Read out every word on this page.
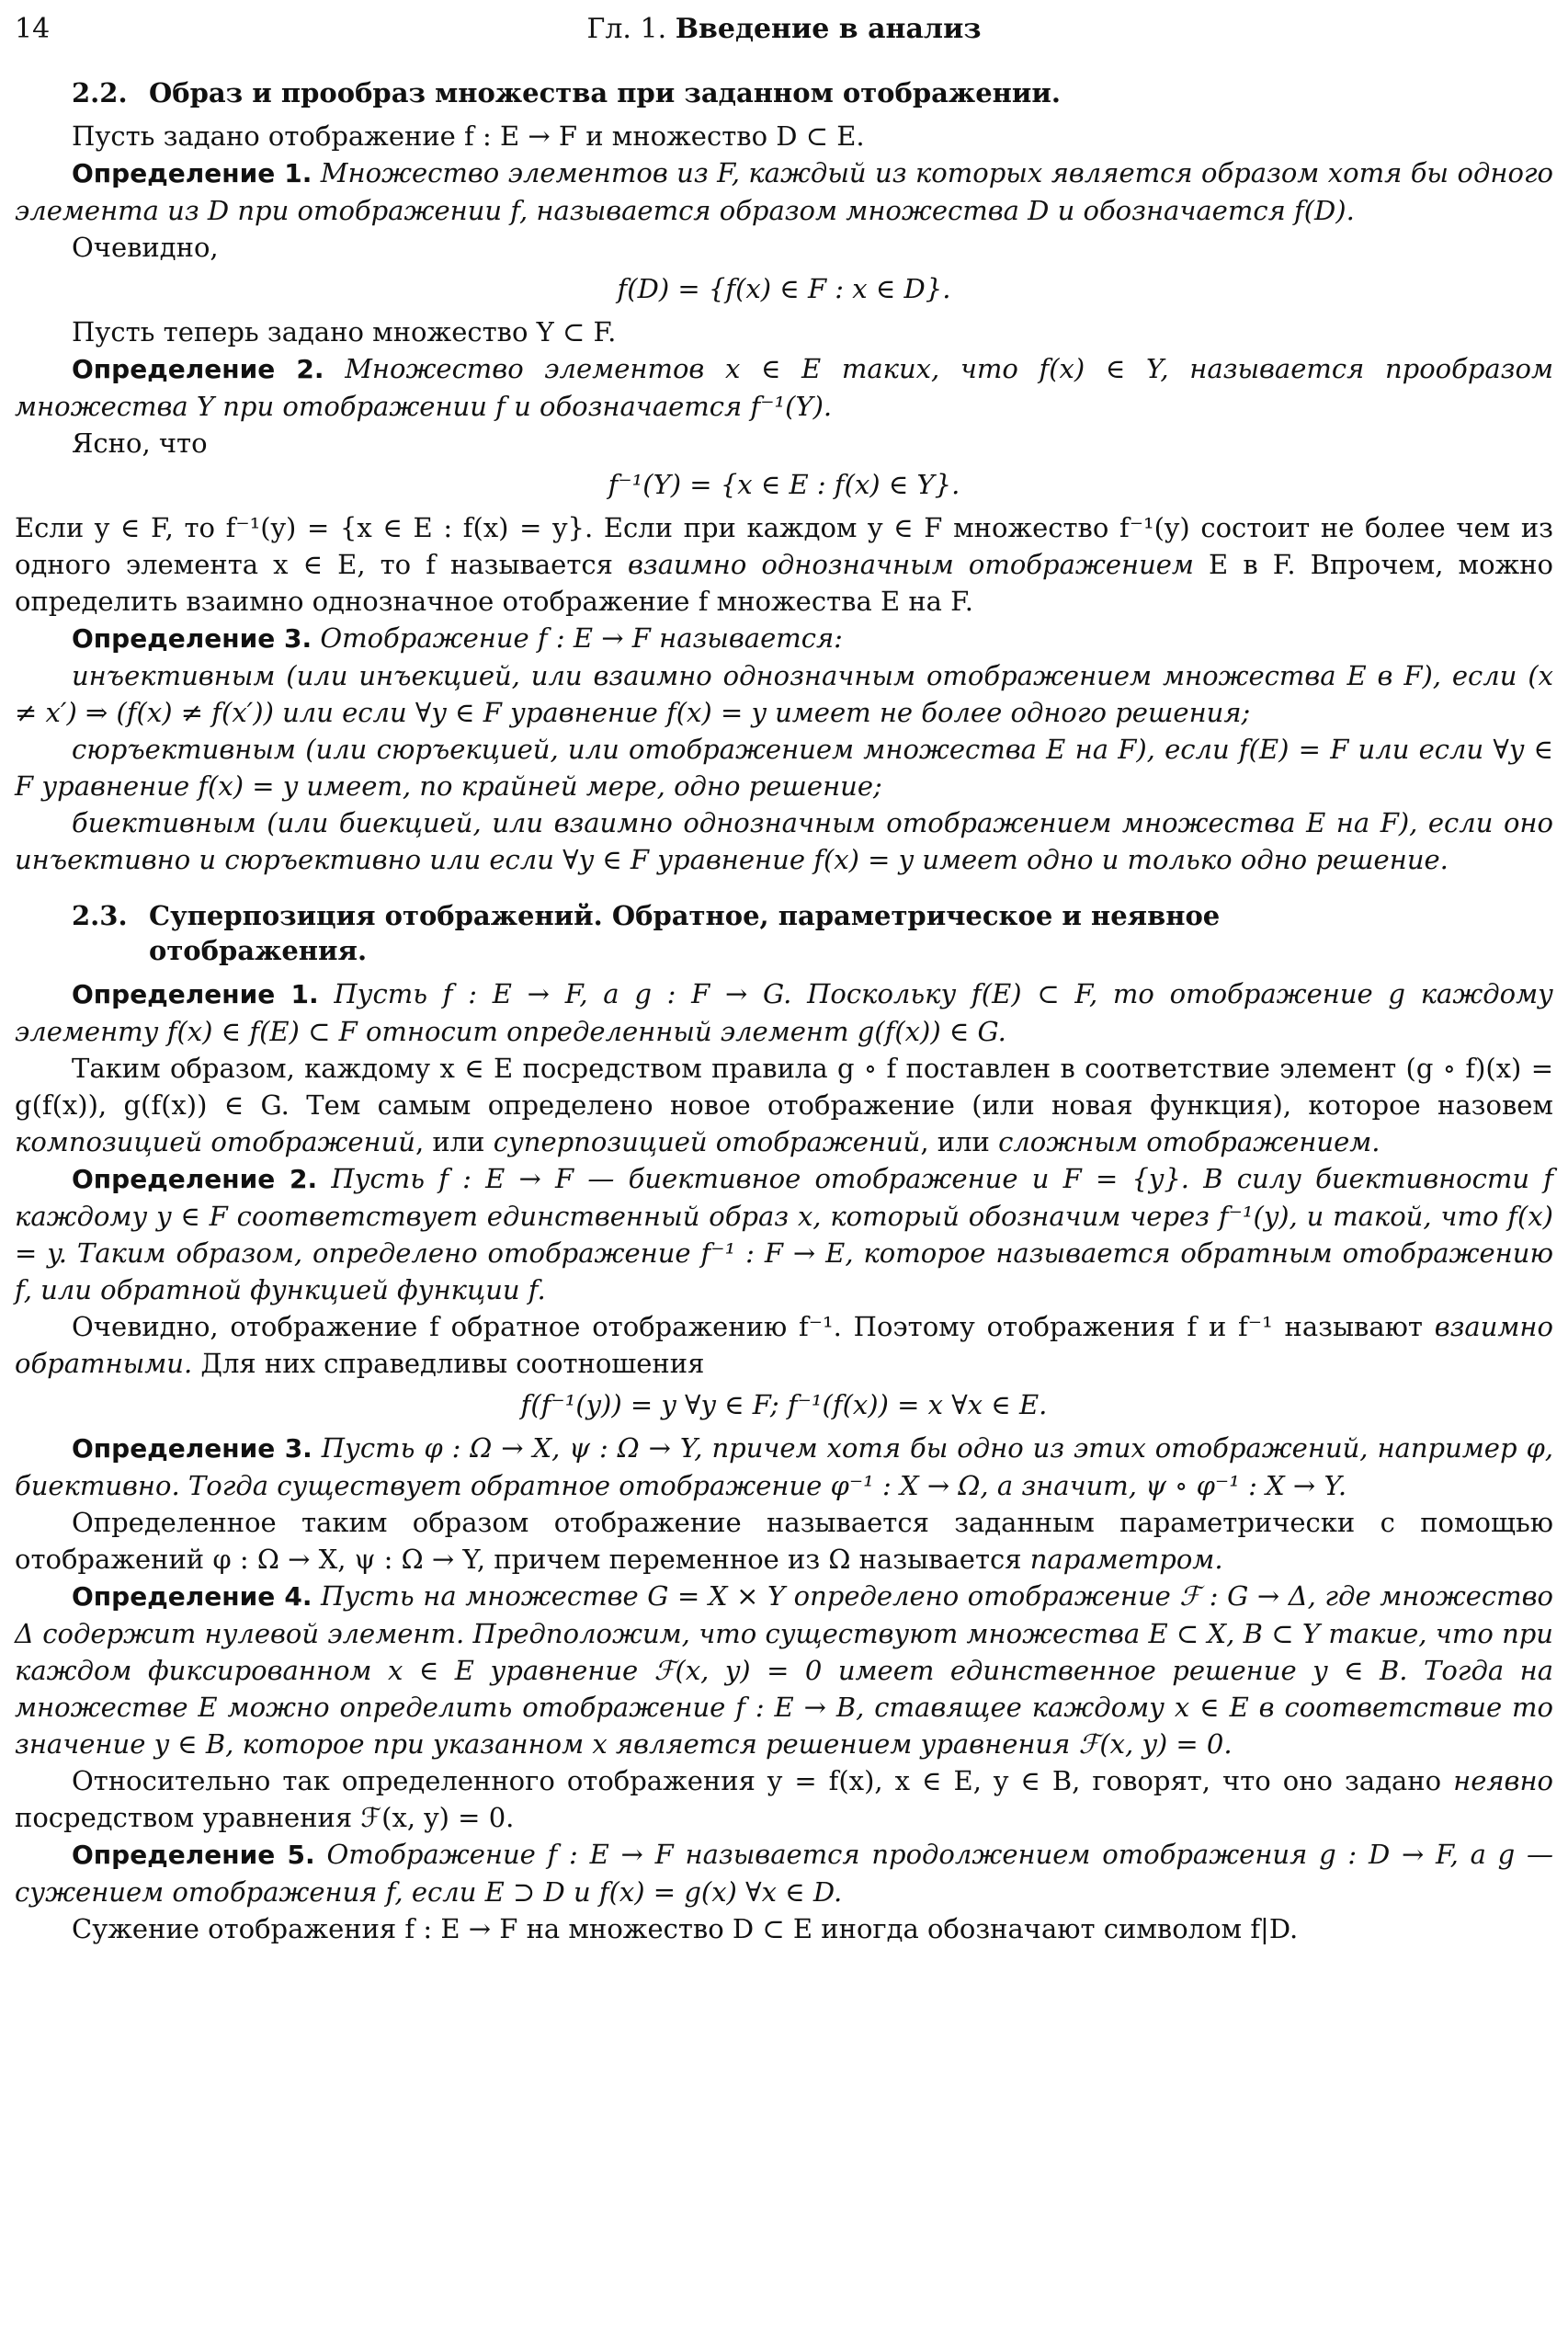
14	Гл. 1. Введение в анализ
2.2. Образ и прообраз множества при заданном отображении.

Пусть задано отображение f : E → F и множество D ⊂ E.

Определение 1. Множество элементов из F, каждый из которых является образом хотя бы одного элемента из D при отображении f, называется образом множества D и обозначается f(D).

Очевидно,

f(D) = {f(x) ∈ F : x ∈ D}.

Пусть теперь задано множество Y ⊂ F.

Определение 2. Множество элементов x ∈ E таких, что f(x) ∈ Y, называется прообразом множества Y при отображении f и обозначается f⁻¹(Y).

Ясно, что

f⁻¹(Y) = {x ∈ E : f(x) ∈ Y}.

Если y ∈ F, то f⁻¹(y) = {x ∈ E : f(x) = y}. Если при каждом y ∈ F множество f⁻¹(y) состоит не более чем из одного элемента x ∈ E, то f называется взаимно однозначным отображением E в F. Впрочем, можно определить взаимно однозначное отображение f множества E на F.

Определение 3. Отображение f : E → F называется:

инъективным (или инъекцией, или взаимно однозначным отображением множества E в F), если (x ≠ x′) ⇒ (f(x) ≠ f(x′)) или если ∀y ∈ F уравнение f(x) = y имеет не более одного решения;

сюръективным (или сюръекцией, или отображением множества E на F), если f(E) = F или если ∀y ∈ F уравнение f(x) = y имеет, по крайней мере, одно решение;

биективным (или биекцией, или взаимно однозначным отображением множества E на F), если оно инъективно и сюръективно или если ∀y ∈ F уравнение f(x) = y имеет одно и только одно решение.

2.3. Суперпозиция отображений. Обратное, параметрическое и неявное
отображения.

Определение 1. Пусть f : E → F, а g : F → G. Поскольку f(E) ⊂ F, то отображение g каждому элементу f(x) ∈ f(E) ⊂ F относит определенный элемент g(f(x)) ∈ G.

Таким образом, каждому x ∈ E посредством правила g ∘ f поставлен в соответствие элемент (g ∘ f)(x) = g(f(x)), g(f(x)) ∈ G. Тем самым определено новое отображение (или новая функция), которое назовем композицией отображений, или суперпозицией отображений, или сложным отображением.

Определение 2. Пусть f : E → F — биективное отображение и F = {y}. В силу биективности f каждому y ∈ F соответствует единственный образ x, который обозначим через f⁻¹(y), и такой, что f(x) = y. Таким образом, определено отображение f⁻¹ : F → E, которое называется обратным отображению f, или обратной функцией функции f.

Очевидно, отображение f обратное отображению f⁻¹. Поэтому отображения f и f⁻¹ называют взаимно обратными. Для них справедливы соотношения

f(f⁻¹(y)) = y ∀y ∈ F; f⁻¹(f(x)) = x ∀x ∈ E.

Определение 3. Пусть φ : Ω → X, ψ : Ω → Y, причем хотя бы одно из этих отображений, например φ, биективно. Тогда существует обратное отображение φ⁻¹ : X → Ω, а значит, ψ ∘ φ⁻¹ : X → Y.

Определенное таким образом отображение называется заданным параметрически с помощью отображений φ : Ω → X, ψ : Ω → Y, причем переменное из Ω называется параметром.

Определение 4. Пусть на множестве G = X × Y определено отображение ℱ : G → Δ, где множество Δ содержит нулевой элемент. Предположим, что существуют множества E ⊂ X, B ⊂ Y такие, что при каждом фиксированном x ∈ E уравнение ℱ(x, y) = 0 имеет единственное решение y ∈ B. Тогда на множестве E можно определить отображение f : E → B, ставящее каждому x ∈ E в соответствие то значение y ∈ B, которое при указанном x является решением уравнения ℱ(x, y) = 0.

Относительно так определенного отображения y = f(x), x ∈ E, y ∈ B, говорят, что оно задано неявно посредством уравнения ℱ(x, y) = 0.

Определение 5. Отображение f : E → F называется продолжением отображения g : D → F, а g — сужением отображения f, если E ⊃ D и f(x) = g(x) ∀x ∈ D.

Сужение отображения f : E → F на множество D ⊂ E иногда обозначают символом f|D.
